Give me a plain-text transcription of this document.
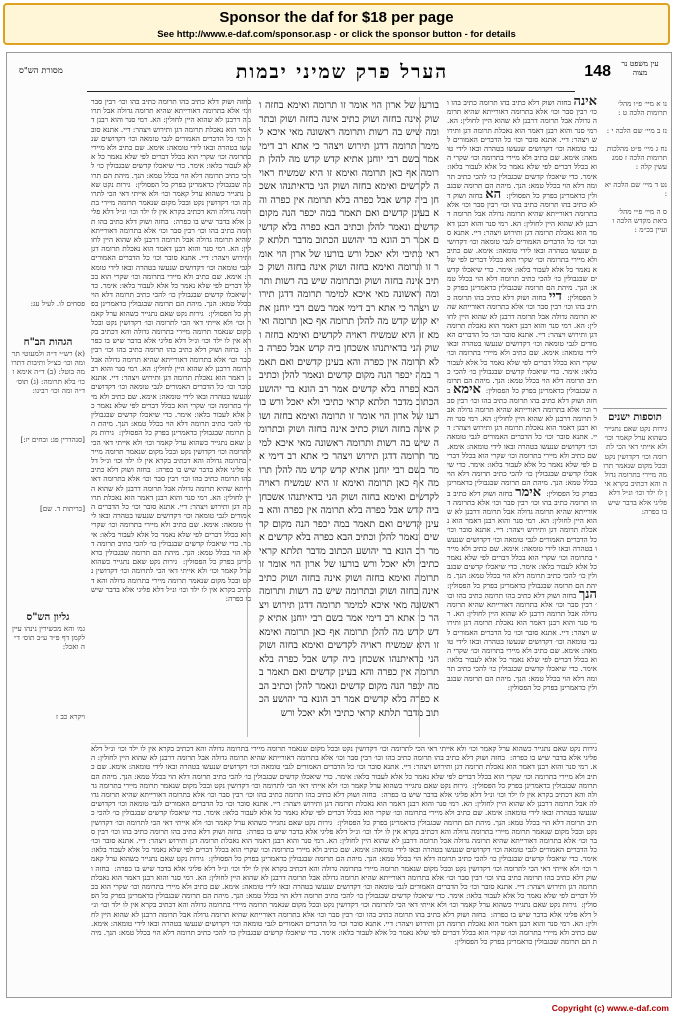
Sponsor the daf for $18 per page
See http://www.e-daf.com/sponsor.asp - or click the sponsor button - for details
עין משפט נר מצוה
148
הערל פרק שמיני יבמות
מסורת הש"ס
נו א מיי׳ פ״ו מהל׳ תרומות הלכה ט :

נז ב מיי׳ שם הלכה י :

נח ג מיי׳ פ״ט מהלכות תרומות הלכה ז סמג עשין קלה :

נט ד מיי׳ שם הלכה יא :

ס ה מיי׳ פ״י מהל׳ ביאת מקדש הלכה ו ועיין בכ״מ :
תוספות ישנים
גירות נקט שאם נתגייר כשהוא ערל קאמר וכו׳ ולא אייתי דאי הכי לתרומה וכו׳ דקדושין נקט ובכל מקום שנאמר תרומה מיירי בתרומה גדולה והא דכתיב בקרא אין לו ילד וכו׳ ונ״ל דלא פליגי אלא בדבר שיש בו כפרה:
אינה בחזה ושוק דלא כתיב בהו תרומה כתיב בהו וכו׳ רבין סבר וכו׳ אלא בתרומה דאורייתא שהיא תרומה גדולה אבל תרומה דרבנן לא שהוא היין לחולין: הא. רמי סנר והוא רבנן דאמר הוא נאכלת תרומה דגן ותירוש ויצהר: דיי. אתנא סובר וכו׳ כל הדברים האמורים לגבי טומאה וכו׳ דקדושים שנעשו בטהרה ובאו לידי טומאה: אימא. שם כתיב ולא מיירי בתרומה וכו׳ שקרי הוא בכלל דברים לפי שלא נאמר כל אלא לעבור בלאו: אימר. כדי שיאכלו קדשים שבגבולין כו׳ להכי כתיב תרומה דלא הוי בכלל טמא: הנך. מיהת הם תרומה שבגבולין כדאמרינן בפרק כל הפסולין:  הא בחזה ושוק דלא כתיב בהו תרומה כתיב בהו וכו׳ רבין סבר וכו׳ אלא בתרומה דאורייתא שהיא תרומה גדולה אבל תרומה דרבנן לא שהוא היין לחולין: הא. רמי סנר והוא רבנן דאמר הוא נאכלת תרומה דגן ותירוש ויצהר: דיי. אתנא סובר וכו׳ כל הדברים האמורים לגבי טומאה וכו׳ דקדושים שנעשו בטהרה ובאו לידי טומאה: אימא. שם כתיב ולא מיירי בתרומה וכו׳ שקרי הוא בכלל דברים לפי שלא נאמר כל אלא לעבור בלאו: אימר. כדי שיאכלו קדשים שבגבולין כו׳ להכי כתיב תרומה דלא הוי בכלל טמא: הנך. מיהת הם תרומה שבגבולין כדאמרינן בפרק כל הפסולין:  דיי בחזה ושוק דלא כתיב בהו תרומה כתיב בהו וכו׳ רבין סבר וכו׳ אלא בתרומה דאורייתא שהיא תרומה גדולה אבל תרומה דרבנן לא שהוא היין לחולין: הא. רמי סנר והוא רבנן דאמר הוא נאכלת תרומה דגן ותירוש ויצהר: דיי. אתנא סובר וכו׳ כל הדברים האמורים לגבי טומאה וכו׳ דקדושים שנעשו בטהרה ובאו לידי טומאה: אימא. שם כתיב ולא מיירי בתרומה וכו׳ שקרי הוא בכלל דברים לפי שלא נאמר כל אלא לעבור בלאו: אימר. כדי שיאכלו קדשים שבגבולין כו׳ להכי כתיב תרומה דלא הוי בכלל טמא: הנך. מיהת הם תרומה שבגבולין כדאמרינן בפרק כל הפסולין:  אימא בחזה ושוק דלא כתיב בהו תרומה כתיב בהו וכו׳ רבין סבר וכו׳ אלא בתרומה דאורייתא שהיא תרומה גדולה אבל תרומה דרבנן לא שהוא היין לחולין: הא. רמי סנר והוא רבנן דאמר הוא נאכלת תרומה דגן ותירוש ויצהר: דיי. אתנא סובר וכו׳ כל הדברים האמורים לגבי טומאה וכו׳ דקדושים שנעשו בטהרה ובאו לידי טומאה: אימא. שם כתיב ולא מיירי בתרומה וכו׳ שקרי הוא בכלל דברים לפי שלא נאמר כל אלא לעבור בלאו: אימר. כדי שיאכלו קדשים שבגבולין כו׳ להכי כתיב תרומה דלא הוי בכלל טמא: הנך. מיהת הם תרומה שבגבולין כדאמרינן בפרק כל הפסולין:  אימר בחזה ושוק דלא כתיב בהו תרומה כתיב בהו וכו׳ רבין סבר וכו׳ אלא בתרומה דאורייתא שהיא תרומה גדולה אבל תרומה דרבנן לא שהוא היין לחולין: הא. רמי סנר והוא רבנן דאמר הוא נאכלת תרומה דגן ותירוש ויצהר: דיי. אתנא סובר וכו׳ כל הדברים האמורים לגבי טומאה וכו׳ דקדושים שנעשו בטהרה ובאו לידי טומאה: אימא. שם כתיב ולא מיירי בתרומה וכו׳ שקרי הוא בכלל דברים לפי שלא נאמר כל אלא לעבור בלאו: אימר. כדי שיאכלו קדשים שבגבולין כו׳ להכי כתיב תרומה דלא הוי בכלל טמא: הנך. מיהת הם תרומה שבגבולין כדאמרינן בפרק כל הפסולין:  הנך בחזה ושוק דלא כתיב בהו תרומה כתיב בהו וכו׳ רבין סבר וכו׳ אלא בתרומה דאורייתא שהיא תרומה גדולה אבל תרומה דרבנן לא שהוא היין לחולין: הא. רמי סנר והוא רבנן דאמר הוא נאכלת תרומה דגן ותירוש ויצהר: דיי. אתנא סובר וכו׳ כל הדברים האמורים לגבי טומאה וכו׳ דקדושים שנעשו בטהרה ובאו לידי טומאה: אימא. שם כתיב ולא מיירי בתרומה וכו׳ שקרי הוא בכלל דברים לפי שלא נאמר כל אלא לעבור בלאו: אימר. כדי שיאכלו קדשים שבגבולין כו׳ להכי כתיב תרומה דלא הוי בכלל טמא: הנך. מיהת הם תרומה שבגבולין כדאמרינן בפרק כל הפסולין:
בורעו של ארון הוי אומר זו תרומה ואימא בחזה ושוק אינה בחזה ושוק כתיב אינה בחזה ושוק ובתרומה שיש בה רשות ותרומה ראשונה מאי איכא למימר תרומה דדגן תירוש ויצהר כי אתא רב דימי אמר בשם רבי יוחנן אתיא קדש קדש מה להלן תרומה אף כאן תרומה ואימא זו היא שמשיח ראויה לקדשים ואימא בחזה ושוק הני בדאיתנהו אשכחן ביה קדש אבל כפרה בלא תרומה אין כפרה והא בעינן קדשים ואם תאמר במה יכפר הנה מקום קדשים ונאמר להלן וכתיב הבא כפרה בלא קדשים אמר רב הונא בר יהושע הכתוב מדבר תלתא קראי כתיבי ולא יאכל ורש בורעו של ארון הוי אומר זו תרומה ואימא בחזה ושוק אינה בחזה ושוק כתיב אינה בחזה ושוק ובתרומה שיש בה רשות ותרומה ראשונה מאי איכא למימר תרומה דדגן תירוש ויצהר כי אתא רב דימי אמר בשם רבי יוחנן אתיא קדש קדש מה להלן תרומה אף כאן תרומה ואימא זו היא שמשיח ראויה לקדשים ואימא בחזה ושוק הני בדאיתנהו אשכחן ביה קדש אבל כפרה בלא תרומה אין כפרה והא בעינן קדשים ואם תאמר במה יכפר הנה מקום קדשים ונאמר להלן וכתיב הבא כפרה בלא קדשים אמר רב הונא בר יהושע הכתוב מדבר תלתא קראי כתיבי ולא יאכל ורש בורעו של ארון הוי אומר זו תרומה ואימא בחזה ושוק אינה בחזה ושוק כתיב אינה בחזה ושוק ובתרומה שיש בה רשות ותרומה ראשונה מאי איכא למימר תרומה דדגן תירוש ויצהר כי אתא רב דימי אמר בשם רבי יוחנן אתיא קדש קדש מה להלן תרומה אף כאן תרומה ואימא זו היא שמשיח ראויה לקדשים ואימא בחזה ושוק הני בדאיתנהו אשכחן ביה קדש אבל כפרה בלא תרומה אין כפרה והא בעינן קדשים ואם תאמר במה יכפר הנה מקום קדשים ונאמר להלן וכתיב הבא כפרה בלא קדשים אמר רב הונא בר יהושע הכתוב מדבר תלתא קראי כתיבי ולא יאכל ורש בורעו של ארון הוי אומר זו תרומה ואימא בחזה ושוק אינה בחזה ושוק כתיב אינה בחזה ושוק ובתרומה שיש בה רשות ותרומה ראשונה מאי איכא למימר תרומה דדגן תירוש ויצהר כי אתא רב דימי אמר בשם רבי יוחנן אתיא קדש קדש מה להלן תרומה אף כאן תרומה ואימא זו היא שמשיח ראויה לקדשים ואימא בחזה ושוק הני בדאיתנהו אשכחן ביה קדש אבל כפרה בלא תרומה אין כפרה והא בעינן קדשים ואם תאמר במה יכפר הנה מקום קדשים ונאמר להלן וכתיב הבא כפרה בלא קדשים אמר רב הונא בר יהושע הכתוב מדבר תלתא קראי כתיבי ולא יאכל ורש
בחזה ושוק דלא כתיב בהו תרומה כתיב בהו וכו׳ רבין סבר וכו׳ אלא בתרומה דאורייתא שהיא תרומה גדולה אבל תרומה דרבנן לא שהוא היין לחולין: הא. רמי סנר והוא רבנן דאמר הוא נאכלת תרומה דגן ותירוש ויצהר: דיי. אתנא סובר וכו׳ כל הדברים האמורים לגבי טומאה וכו׳ דקדושים שנעשו בטהרה ובאו לידי טומאה: אימא. שם כתיב ולא מיירי בתרומה וכו׳ שקרי הוא בכלל דברים לפי שלא נאמר כל אלא לעבור בלאו: אימר. כדי שיאכלו קדשים שבגבולין כו׳ להכי כתיב תרומה דלא הוי בכלל טמא: הנך. מיהת הם תרומה שבגבולין כדאמרינן בפרק כל הפסולין:  גירות נקט שאם נתגייר כשהוא ערל קאמר וכו׳ ולא אייתי דאי הכי לתרומה וכו׳ דקדושין נקט ובכל מקום שנאמר תרומה מיירי בתרומה גדולה והא דכתיב בקרא אין לו ילד וכו׳ ונ״ל דלא פליגי אלא בדבר שיש בו כפרה:  בחזה ושוק דלא כתיב בהו תרומה כתיב בהו וכו׳ רבין סבר וכו׳ אלא בתרומה דאורייתא שהיא תרומה גדולה אבל תרומה דרבנן לא שהוא היין לחולין: הא. רמי סנר והוא רבנן דאמר הוא נאכלת תרומה דגן ותירוש ויצהר: דיי. אתנא סובר וכו׳ כל הדברים האמורים לגבי טומאה וכו׳ דקדושים שנעשו בטהרה ובאו לידי טומאה: אימא. שם כתיב ולא מיירי בתרומה וכו׳ שקרי הוא בכלל דברים לפי שלא נאמר כל אלא לעבור בלאו: אימר. כדי שיאכלו קדשים שבגבולין כו׳ להכי כתיב תרומה דלא הוי בכלל טמא: הנך. מיהת הם תרומה שבגבולין כדאמרינן בפרק כל הפסולין:  גירות נקט שאם נתגייר כשהוא ערל קאמר וכו׳ ולא אייתי דאי הכי לתרומה וכו׳ דקדושין נקט ובכל מקום שנאמר תרומה מיירי בתרומה גדולה והא דכתיב בקרא אין לו ילד וכו׳ ונ״ל דלא פליגי אלא בדבר שיש בו כפרה:  בחזה ושוק דלא כתיב בהו תרומה כתיב בהו וכו׳ רבין סבר וכו׳ אלא בתרומה דאורייתא שהיא תרומה גדולה אבל תרומה דרבנן לא שהוא היין לחולין: הא. רמי סנר והוא רבנן דאמר הוא נאכלת תרומה דגן ותירוש ויצהר: דיי. אתנא סובר וכו׳ כל הדברים האמורים לגבי טומאה וכו׳ דקדושים שנעשו בטהרה ובאו לידי טומאה: אימא. שם כתיב ולא מיירי בתרומה וכו׳ שקרי הוא בכלל דברים לפי שלא נאמר כל אלא לעבור בלאו: אימר. כדי שיאכלו קדשים שבגבולין כו׳ להכי כתיב תרומה דלא הוי בכלל טמא: הנך. מיהת הם תרומה שבגבולין כדאמרינן בפרק כל הפסולין:  גירות נקט שאם נתגייר כשהוא ערל קאמר וכו׳ ולא אייתי דאי הכי לתרומה וכו׳ דקדושין נקט ובכל מקום שנאמר תרומה מיירי בתרומה גדולה והא דכתיב בקרא אין לו ילד וכו׳ ונ״ל דלא פליגי אלא בדבר שיש בו כפרה:  בחזה ושוק דלא כתיב בהו תרומה כתיב בהו וכו׳ רבין סבר וכו׳ אלא בתרומה דאורייתא שהיא תרומה גדולה אבל תרומה דרבנן לא שהוא היין לחולין: הא. רמי סנר והוא רבנן דאמר הוא נאכלת תרומה דגן ותירוש ויצהר: דיי. אתנא סובר וכו׳ כל הדברים האמורים לגבי טומאה וכו׳ דקדושים שנעשו בטהרה ובאו לידי טומאה: אימא. שם כתיב ולא מיירי בתרומה וכו׳ שקרי הוא בכלל דברים לפי שלא נאמר כל אלא לעבור בלאו: אימר. כדי שיאכלו קדשים שבגבולין כו׳ להכי כתיב תרומה דלא הוי בכלל טמא: הנך. מיהת הם תרומה שבגבולין כדאמרינן בפרק כל הפסולין:  גירות נקט שאם נתגייר כשהוא ערל קאמר וכו׳ ולא אייתי דאי הכי לתרומה וכו׳ דקדושין נקט ובכל מקום שנאמר תרומה מיירי בתרומה גדולה והא דכתיב בקרא אין לו ילד וכו׳ ונ״ל דלא פליגי אלא בדבר שיש בו כפרה:
פסחים לו. לעיל עג:
הגהות הב"ח
(א) רש״י ד״ה ולמעוטי תרומה וכו׳ כצ״ל ותיבות דתרומה בוטל: (ב) ד״ה אימא וכו׳ בלא תרומה: (ג) תוס׳ ד״ה ומה וכו׳ רבינו:
[סנהדרין פג: ובחים יז:]
[כריתות ד. שם]
גליון הש"ס
גמ׳ והא מכשירין נינהו עיין לקמן דף פ״ד ע״ב תוס׳ ד״ה ואכל:
ויקרא כב ז
גירות נקט שאם נתגייר כשהוא ערל קאמר וכו׳ ולא אייתי דאי הכי לתרומה וכו׳ דקדושין נקט ובכל מקום שנאמר תרומה מיירי בתרומה גדולה והא דכתיב בקרא אין לו ילד וכו׳ ונ״ל דלא פליגי אלא בדבר שיש בו כפרה:  בחזה ושוק דלא כתיב בהו תרומה כתיב בהו וכו׳ רבין סבר וכו׳ אלא בתרומה דאורייתא שהיא תרומה גדולה אבל תרומה דרבנן לא שהוא היין לחולין: הא. רמי סנר והוא רבנן דאמר הוא נאכלת תרומה דגן ותירוש ויצהר: דיי. אתנא סובר וכו׳ כל הדברים האמורים לגבי טומאה וכו׳ דקדושים שנעשו בטהרה ובאו לידי טומאה: אימא. שם כתיב ולא מיירי בתרומה וכו׳ שקרי הוא בכלל דברים לפי שלא נאמר כל אלא לעבור בלאו: אימר. כדי שיאכלו קדשים שבגבולין כו׳ להכי כתיב תרומה דלא הוי בכלל טמא: הנך. מיהת הם תרומה שבגבולין כדאמרינן בפרק כל הפסולין:  גירות נקט שאם נתגייר כשהוא ערל קאמר וכו׳ ולא אייתי דאי הכי לתרומה וכו׳ דקדושין נקט ובכל מקום שנאמר תרומה מיירי בתרומה גדולה והא דכתיב בקרא אין לו ילד וכו׳ ונ״ל דלא פליגי אלא בדבר שיש בו כפרה:  בחזה ושוק דלא כתיב בהו תרומה כתיב בהו וכו׳ רבין סבר וכו׳ אלא בתרומה דאורייתא שהיא תרומה גדולה אבל תרומה דרבנן לא שהוא היין לחולין: הא. רמי סנר והוא רבנן דאמר הוא נאכלת תרומה דגן ותירוש ויצהר: דיי. אתנא סובר וכו׳ כל הדברים האמורים לגבי טומאה וכו׳ דקדושים שנעשו בטהרה ובאו לידי טומאה: אימא. שם כתיב ולא מיירי בתרומה וכו׳ שקרי הוא בכלל דברים לפי שלא נאמר כל אלא לעבור בלאו: אימר. כדי שיאכלו קדשים שבגבולין כו׳ להכי כתיב תרומה דלא הוי בכלל טמא: הנך. מיהת הם תרומה שבגבולין כדאמרינן בפרק כל הפסולין:  גירות נקט שאם נתגייר כשהוא ערל קאמר וכו׳ ולא אייתי דאי הכי לתרומה וכו׳ דקדושין נקט ובכל מקום שנאמר תרומה מיירי בתרומה גדולה והא דכתיב בקרא אין לו ילד וכו׳ ונ״ל דלא פליגי אלא בדבר שיש בו כפרה:  בחזה ושוק דלא כתיב בהו תרומה כתיב בהו וכו׳ רבין סבר וכו׳ אלא בתרומה דאורייתא שהיא תרומה גדולה אבל תרומה דרבנן לא שהוא היין לחולין: הא. רמי סנר והוא רבנן דאמר הוא נאכלת תרומה דגן ותירוש ויצהר: דיי. אתנא סובר וכו׳ כל הדברים האמורים לגבי טומאה וכו׳ דקדושים שנעשו בטהרה ובאו לידי טומאה: אימא. שם כתיב ולא מיירי בתרומה וכו׳ שקרי הוא בכלל דברים לפי שלא נאמר כל אלא לעבור בלאו: אימר. כדי שיאכלו קדשים שבגבולין כו׳ להכי כתיב תרומה דלא הוי בכלל טמא: הנך. מיהת הם תרומה שבגבולין כדאמרינן בפרק כל הפסולין:  גירות נקט שאם נתגייר כשהוא ערל קאמר וכו׳ ולא אייתי דאי הכי לתרומה וכו׳ דקדושין נקט ובכל מקום שנאמר תרומה מיירי בתרומה גדולה והא דכתיב בקרא אין לו ילד וכו׳ ונ״ל דלא פליגי אלא בדבר שיש בו כפרה:  בחזה ושוק דלא כתיב בהו תרומה כתיב בהו וכו׳ רבין סבר וכו׳ אלא בתרומה דאורייתא שהיא תרומה גדולה אבל תרומה דרבנן לא שהוא היין לחולין: הא. רמי סנר והוא רבנן דאמר הוא נאכלת תרומה דגן ותירוש ויצהר: דיי. אתנא סובר וכו׳ כל הדברים האמורים לגבי טומאה וכו׳ דקדושים שנעשו בטהרה ובאו לידי טומאה: אימא. שם כתיב ולא מיירי בתרומה וכו׳ שקרי הוא בכלל דברים לפי שלא נאמר כל אלא לעבור בלאו: אימר. כדי שיאכלו קדשים שבגבולין כו׳ להכי כתיב תרומה דלא הוי בכלל טמא: הנך. מיהת הם תרומה שבגבולין כדאמרינן בפרק כל הפסולין:  גירות נקט שאם נתגייר כשהוא ערל קאמר וכו׳ ולא אייתי דאי הכי לתרומה וכו׳ דקדושין נקט ובכל מקום שנאמר תרומה מיירי בתרומה גדולה והא דכתיב בקרא אין לו ילד וכו׳ ונ״ל דלא פליגי אלא בדבר שיש בו כפרה:  בחזה ושוק דלא כתיב בהו תרומה כתיב בהו וכו׳ רבין סבר וכו׳ אלא בתרומה דאורייתא שהיא תרומה גדולה אבל תרומה דרבנן לא שהוא היין לחולין: הא. רמי סנר והוא רבנן דאמר הוא נאכלת תרומה דגן ותירוש ויצהר: דיי. אתנא סובר וכו׳ כל הדברים האמורים לגבי טומאה וכו׳ דקדושים שנעשו בטהרה ובאו לידי טומאה: אימא. שם כתיב ולא מיירי בתרומה וכו׳ שקרי הוא בכלל דברים לפי שלא נאמר כל אלא לעבור בלאו: אימר. כדי שיאכלו קדשים שבגבולין כו׳ להכי כתיב תרומה דלא הוי בכלל טמא: הנך. מיהת הם תרומה שבגבולין כדאמרינן בפרק כל הפסולין:
Copyright (c) www.e-daf.com
